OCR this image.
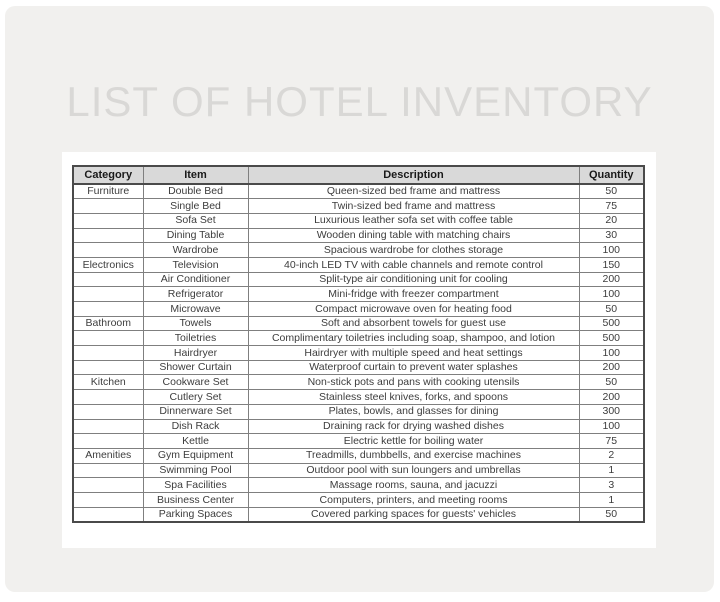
LIST OF HOTEL INVENTORY
Category	Item	Description	Quantity
Furniture	Double Bed	Queen-sized bed frame and mattress	50
	Single Bed	Twin-sized bed frame and mattress	75
	Sofa Set	Luxurious leather sofa set with coffee table	20
	Dining Table	Wooden dining table with matching chairs	30
	Wardrobe	Spacious wardrobe for clothes storage	100
Electronics	Television	40-inch LED TV with cable channels and remote control	150
	Air Conditioner	Split-type air conditioning unit for cooling	200
	Refrigerator	Mini-fridge with freezer compartment	100
	Microwave	Compact microwave oven for heating food	50
Bathroom	Towels	Soft and absorbent towels for guest use	500
	Toiletries	Complimentary toiletries including soap, shampoo, and lotion	500
	Hairdryer	Hairdryer with multiple speed and heat settings	100
	Shower Curtain	Waterproof curtain to prevent water splashes	200
Kitchen	Cookware Set	Non-stick pots and pans with cooking utensils	50
	Cutlery Set	Stainless steel knives, forks, and spoons	200
	Dinnerware Set	Plates, bowls, and glasses for dining	300
	Dish Rack	Draining rack for drying washed dishes	100
	Kettle	Electric kettle for boiling water	75
Amenities	Gym Equipment	Treadmills, dumbbells, and exercise machines	2
	Swimming Pool	Outdoor pool with sun loungers and umbrellas	1
	Spa Facilities	Massage rooms, sauna, and jacuzzi	3
	Business Center	Computers, printers, and meeting rooms	1
	Parking Spaces	Covered parking spaces for guests' vehicles	50
